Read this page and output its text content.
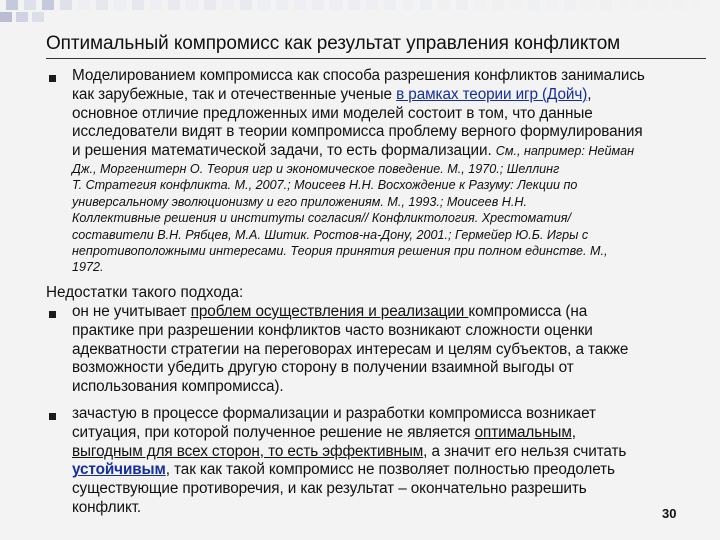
Оптимальный компромисс как результат управления конфликтом
Моделированием компромисса как способа разрешения конфликтов занимались
как зарубежные, так и отечественные ученые в рамках теории игр (Дойч),
основное отличие предложенных ими моделей состоит в том, что данные
исследователи видят в теории компромисса проблему верного формулирования
и решения математической задачи, то есть формализации. См., например: Нейман
Дж., Моргенштерн О. Теория игр и экономическое поведение. М., 1970.; Шеллинг
Т. Стратегия конфликта. М., 2007.; Моисеев Н.Н. Восхождение к Разуму: Лекции по
универсальному эволюционизму и его приложениям. М., 1993.; Моисеев Н.Н.
Коллективные решения и институты согласия// Конфликтология. Хрестоматия/
составители В.Н. Рябцев, М.А. Шитик. Ростов-на-Дону, 2001.; Гермейер Ю.Б. Игры с
непротивоположными интересами. Теория принятия решения при полном единстве. М.,
1972.
Недостатки такого подхода:
он не учитывает проблем осуществления и реализации компромисса (на
практике при разрешении конфликтов часто возникают сложности оценки
адекватности стратегии на переговорах интересам и целям субъектов, а также
возможности убедить другую сторону в получении взаимной выгоды от
использования компромисса).
зачастую в процессе формализации и разработки компромисса возникает
ситуация, при которой полученное решение не является оптимальным,
выгодным для всех сторон, то есть эффективным, а значит его нельзя считать
устойчивым, так как такой компромисс не позволяет полностью преодолеть
существующие противоречия, и как результат – окончательно разрешить
конфликт.	30
